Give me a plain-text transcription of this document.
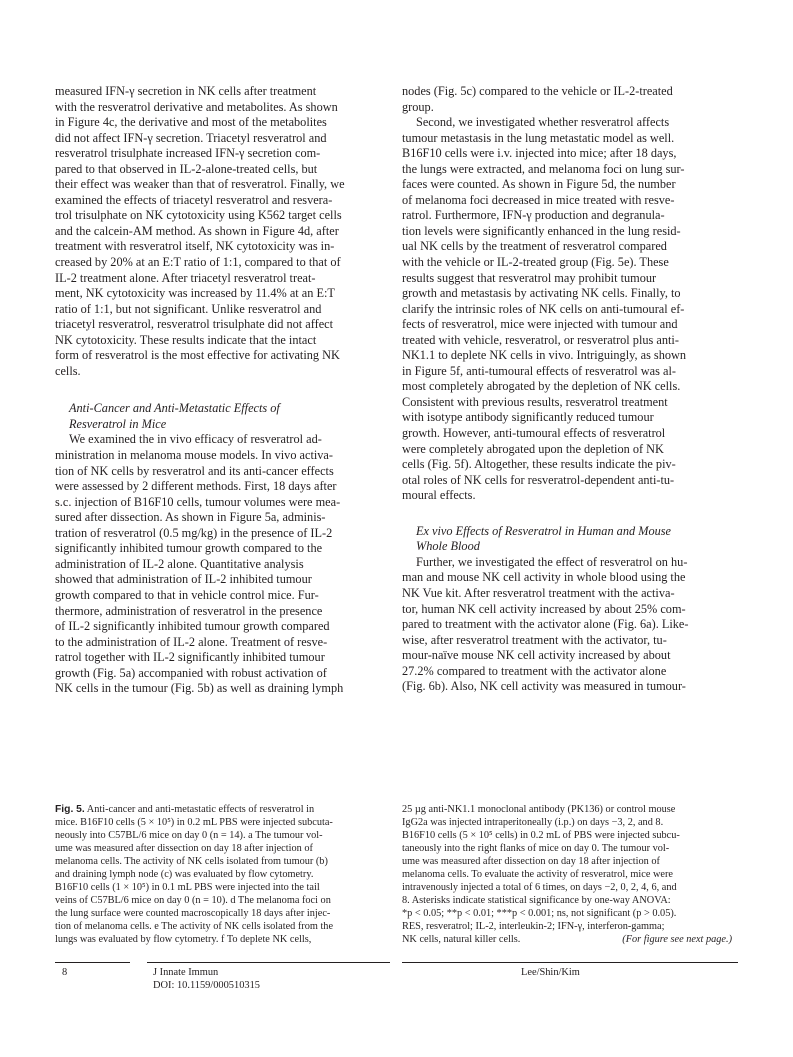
measured IFN-γ secretion in NK cells after treatment

with the resveratrol derivative and metabolites. As shown

in Figure 4c, the derivative and most of the metabolites

did not affect IFN-γ secretion. Triacetyl resveratrol and

resveratrol trisulphate increased IFN-γ secretion com-

pared to that observed in IL-2-alone-treated cells, but

their effect was weaker than that of resveratrol. Finally, we

examined the effects of triacetyl resveratrol and resvera-

trol trisulphate on NK cytotoxicity using K562 target cells

and the calcein-AM method. As shown in Figure 4d, after

treatment with resveratrol itself, NK cytotoxicity was in-

creased by 20% at an E:T ratio of 1:1, compared to that of

IL-2 treatment alone. After triacetyl resveratrol treat-

ment, NK cytotoxicity was increased by 11.4% at an E:T

ratio of 1:1, but not significant. Unlike resveratrol and

triacetyl resveratrol, resveratrol trisulphate did not affect

NK cytotoxicity. These results indicate that the intact

form of resveratrol is the most effective for activating NK

cells.

Anti-Cancer and Anti-Metastatic Effects of
Resveratrol in Mice

We examined the in vivo efficacy of resveratrol ad-

ministration in melanoma mouse models. In vivo activa-

tion of NK cells by resveratrol and its anti-cancer effects

were assessed by 2 different methods. First, 18 days after

s.c. injection of B16F10 cells, tumour volumes were mea-

sured after dissection. As shown in Figure 5a, adminis-

tration of resveratrol (0.5 mg/kg) in the presence of IL-2

significantly inhibited tumour growth compared to the

administration of IL-2 alone. Quantitative analysis

showed that administration of IL-2 inhibited tumour

growth compared to that in vehicle control mice. Fur-

thermore, administration of resveratrol in the presence

of IL-2 significantly inhibited tumour growth compared

to the administration of IL-2 alone. Treatment of resve-

ratrol together with IL-2 significantly inhibited tumour

growth (Fig. 5a) accompanied with robust activation of

NK cells in the tumour (Fig. 5b) as well as draining lymph

nodes (Fig. 5c) compared to the vehicle or IL-2-treated

group.

Second, we investigated whether resveratrol affects

tumour metastasis in the lung metastatic model as well.

B16F10 cells were i.v. injected into mice; after 18 days,

the lungs were extracted, and melanoma foci on lung sur-

faces were counted. As shown in Figure 5d, the number

of melanoma foci decreased in mice treated with resve-

ratrol. Furthermore, IFN-γ production and degranula-

tion levels were significantly enhanced in the lung resid-

ual NK cells by the treatment of resveratrol compared

with the vehicle or IL-2-treated group (Fig. 5e). These

results suggest that resveratrol may prohibit tumour

growth and metastasis by activating NK cells. Finally, to

clarify the intrinsic roles of NK cells on anti-tumoural ef-

fects of resveratrol, mice were injected with tumour and

treated with vehicle, resveratrol, or resveratrol plus anti-

NK1.1 to deplete NK cells in vivo. Intriguingly, as shown

in Figure 5f, anti-tumoural effects of resveratrol was al-

most completely abrogated by the depletion of NK cells.

Consistent with previous results, resveratrol treatment

with isotype antibody significantly reduced tumour

growth. However, anti-tumoural effects of resveratrol

were completely abrogated upon the depletion of NK

cells (Fig. 5f). Altogether, these results indicate the piv-

otal roles of NK cells for resveratrol-dependent anti-tu-

moural effects.

Ex vivo Effects of Resveratrol in Human and Mouse
Whole Blood

Further, we investigated the effect of resveratrol on hu-

man and mouse NK cell activity in whole blood using the

NK Vue kit. After resveratrol treatment with the activa-

tor, human NK cell activity increased by about 25% com-

pared to treatment with the activator alone (Fig. 6a). Like-

wise, after resveratrol treatment with the activator, tu-

mour-naïve mouse NK cell activity increased by about

27.2% compared to treatment with the activator alone

(Fig. 6b). Also, NK cell activity was measured in tumour-

Fig. 5. Anti-cancer and anti-metastatic effects of resveratrol in
mice. B16F10 cells (5 × 10⁵) in 0.2 mL PBS were injected subcuta-
neously into C57BL/6 mice on day 0 (n = 14). a The tumour vol-
ume was measured after dissection on day 18 after injection of
melanoma cells. The activity of NK cells isolated from tumour (b)
and draining lymph node (c) was evaluated by flow cytometry.
B16F10 cells (1 × 10⁵) in 0.1 mL PBS were injected into the tail
veins of C57BL/6 mice on day 0 (n = 10). d The melanoma foci on
the lung surface were counted macroscopically 18 days after injec-
tion of melanoma cells. e The activity of NK cells isolated from the
lungs was evaluated by flow cytometry. f To deplete NK cells,
25 µg anti-NK1.1 monoclonal antibody (PK136) or control mouse
IgG2a was injected intraperitoneally (i.p.) on days −3, 2, and 8.
B16F10 cells (5 × 10⁵ cells) in 0.2 mL of PBS were injected subcu-
taneously into the right flanks of mice on day 0. The tumour vol-
ume was measured after dissection on day 18 after injection of
melanoma cells. To evaluate the activity of resveratrol, mice were
intravenously injected a total of 6 times, on days −2, 0, 2, 4, 6, and
8. Asterisks indicate statistical significance by one-way ANOVA:
*p < 0.05; **p < 0.01; ***p < 0.001; ns, not significant (p > 0.05).
RES, resveratrol; IL-2, interleukin-2; IFN-γ, interferon-gamma;
NK cells, natural killer cells.	(For figure see next page.)
8	J Innate Immun
DOI: 10.1159/000510315
Lee/Shin/Kim
